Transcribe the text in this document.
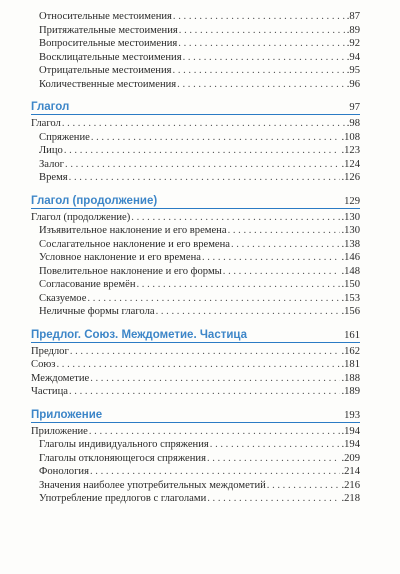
Относительные местоимения . . .	.87
Притяжательные местоимения . . .	.89
Вопросительные местоимения . . .	.92
Восклицательные местоимения . . .	.94
Отрицательные местоимения . . .	.95
Количественные местоимения . . .	.96
Глагол	97
Глагол . . .	.98
Спряжение . . .	.108
Лицо . . .	.123
Залог . . .	.124
Время . . .	.126
Глагол (продолжение)	129
Глагол (продолжение) . . .	.130
Изъявительное наклонение и его времена . . .	.130
Сослагательное наклонение и его времена . . .	.138
Условное наклонение и его времена . . .	.146
Повелительное наклонение и его формы . . .	.148
Согласование времён . . .	.150
Сказуемое . . .	.153
Неличные формы глагола . . .	.156
Предлог. Союз. Междометие. Частица	161
Предлог . . .	.162
Союз . . .	.181
Междометие . . .	.188
Частица . . .	.189
Приложение	193
Приложение . . .	.194
Глаголы индивидуального спряжения . . .	.194
Глаголы отклоняющегося спряжения . . .	.209
Фонология . . .	.214
Значения наиболее употребительных междометий . . .	.216
Употребление предлогов с глаголами . . .	.218
